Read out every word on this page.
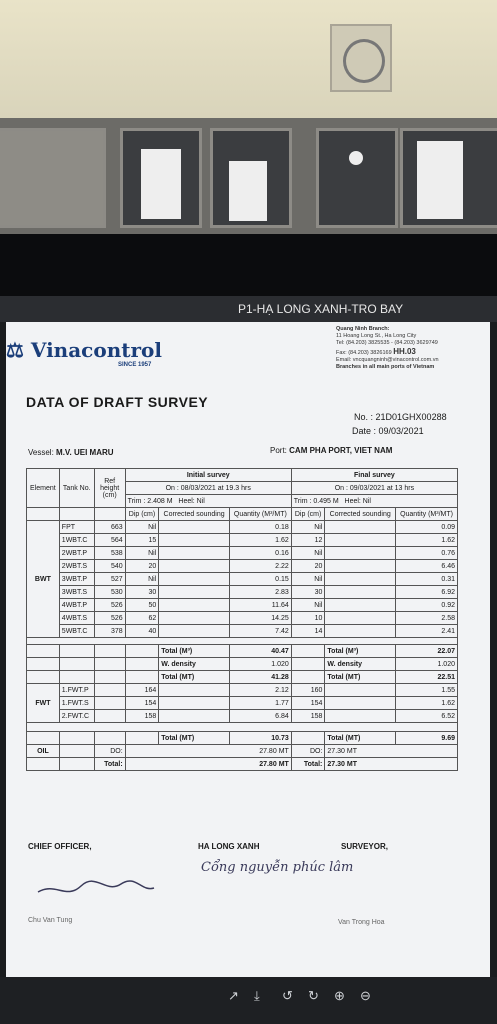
P1-HẠ LONG XANH-TRO BAY
⚖ Vinacontrol
SINCE 1957
Quang Ninh Branch:
11 Hoang Long St., Ha Long City
Tel: (84.203) 3825535 - (84.203) 3629749
Fax: (84.203) 3826169 HH.03
Email: vncquangninh@vinacontrol.com.vn
Branches in all main ports of Vietnam
DATA OF DRAFT SURVEY
No. : 21D01GHX00288
Date : 09/03/2021
Vessel: M.V. UEI MARU	Port: CAM PHA PORT, VIET NAM
Element	Tank No.	Ref height (cm)	Initial survey			Final survey		
			On : 08/03/2021 at 19.3 hrs			On : 09/03/2021 at 13 hrs		
			Trim : 2.408 M Heel: Nil			Trim : 0.495 M Heel: Nil		
			Dip (cm)	Corrected sounding	Quantity (M³/MT)	Dip (cm)	Corrected sounding	Quantity (M³/MT)
BWT	FPT	663	Nil		0.18	Nil		0.09
	1WBT.C	564	15		1.62	12		1.62
	2WBT.P	538	Nil		0.16	Nil		0.76
	2WBT.S	540	20		2.22	20		6.46
	3WBT.P	527	Nil		0.15	Nil		0.31
	3WBT.S	530	30		2.83	30		6.92
	4WBT.P	526	50		11.64	Nil		0.92
	4WBT.S	526	62		14.25	10		2.58
	5WBT.C	378	40		7.42	14		2.41

				Total (M³)	40.47		Total (M³)	22.07
				W. density	1.020		W. density	1.020
				Total (MT)	41.28		Total (MT)	22.51
FWT	1.FWT.P		164		2.12	160		1.55
	1.FWT.S		154		1.77	154		1.62
	2.FWT.C		158		6.84	158		6.52

				Total (MT)	10.73		Total (MT)	9.69
OIL		DO:	27.80 MT			DO:	27.30 MT	
		Total:	27.80 MT			Total:	27.30 MT	
CHIEF OFFICER,	HA LONG XANH	SURVEYOR,
Cổng nguyễn phúc lâm
Chu Van Tung	Van Trong Hoa
↗ ⤓ ↺ ↻ ⊕ ⊖
